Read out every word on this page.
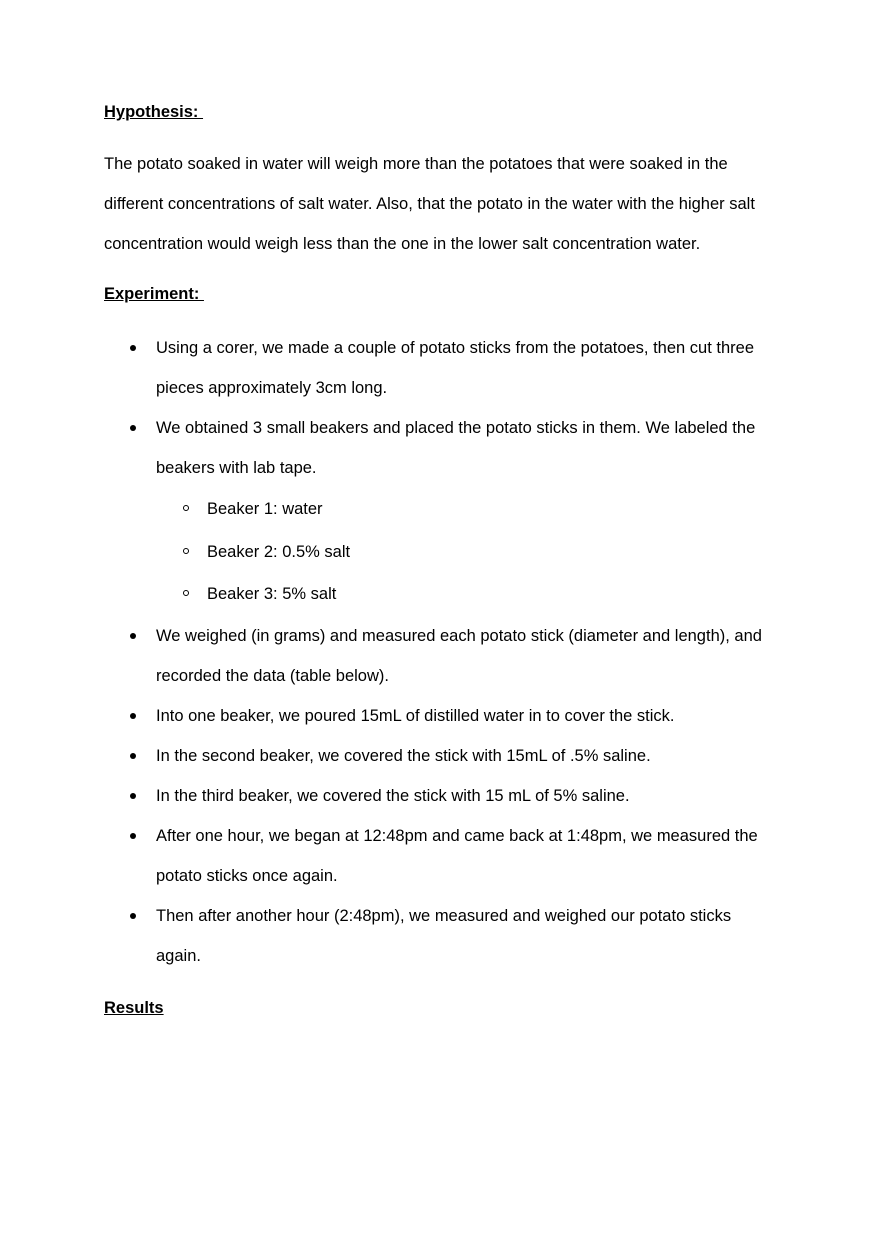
Hypothesis:

The potato soaked in water will weigh more than the potatoes that were soaked in the different concentrations of salt water. Also, that the potato in the water with the higher salt concentration would weigh less than the one in the lower salt concentration water.

Experiment:

Using a corer, we made a couple of potato sticks from the potatoes, then cut three pieces approximately 3cm long.
We obtained 3 small beakers and placed the potato sticks in them. We labeled the beakers with lab tape.
Beaker 1: water
Beaker 2: 0.5% salt
Beaker 3: 5% salt
We weighed (in grams) and measured each potato stick (diameter and length), and recorded the data (table below).
Into one beaker, we poured 15mL of distilled water in to cover the stick.
In the second beaker, we covered the stick with 15mL of .5% saline.
In the third beaker, we covered the stick with 15 mL of 5% saline.
After one hour, we began at 12:48pm and came back at 1:48pm, we measured the potato sticks once again.
Then after another hour (2:48pm), we measured and weighed our potato sticks again.

Results
